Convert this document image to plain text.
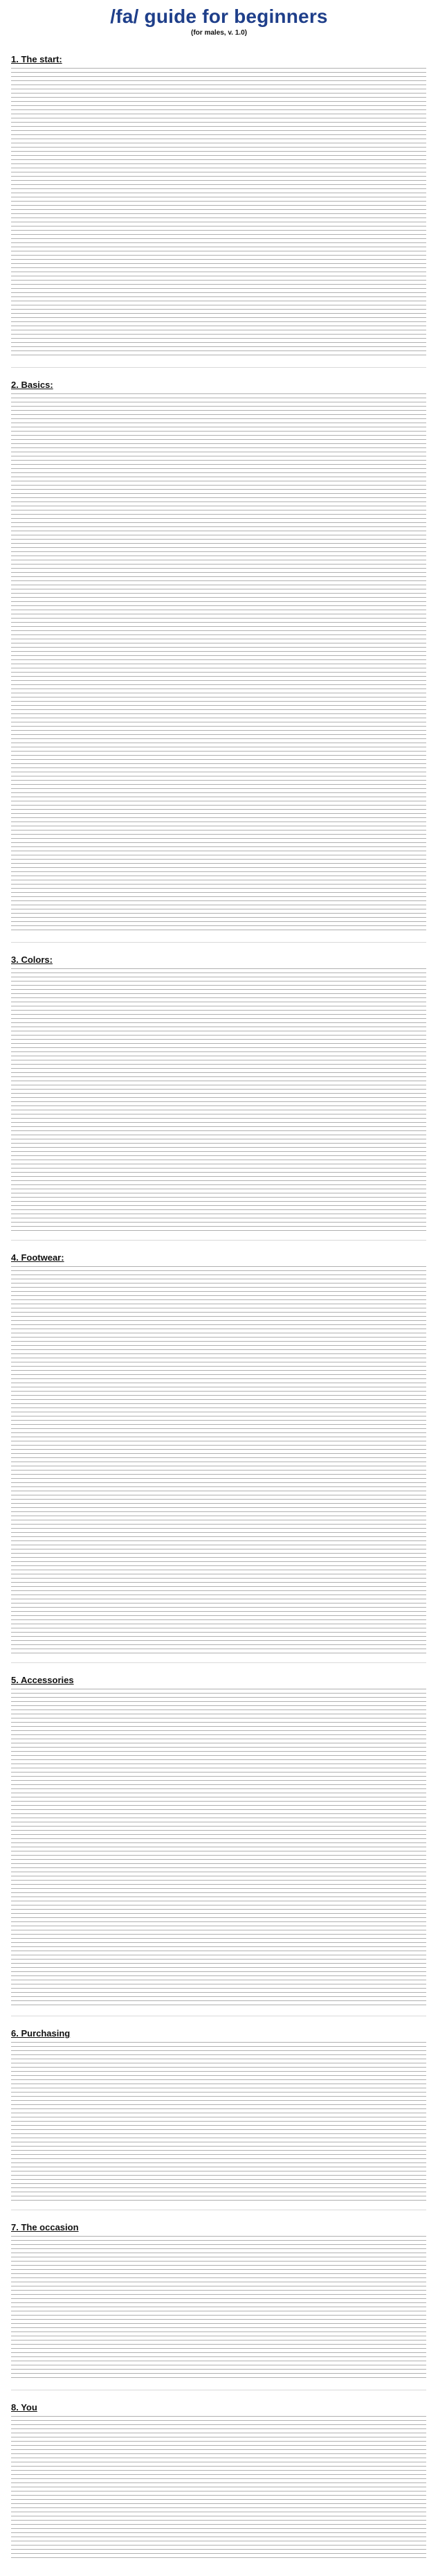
/fa/ guide for beginners
(for males, v. 1.0)
1. The start:
2. Basics:
3. Colors:
4. Footwear:
5. Accessories
6. Purchasing
7. The occasion
8. You
